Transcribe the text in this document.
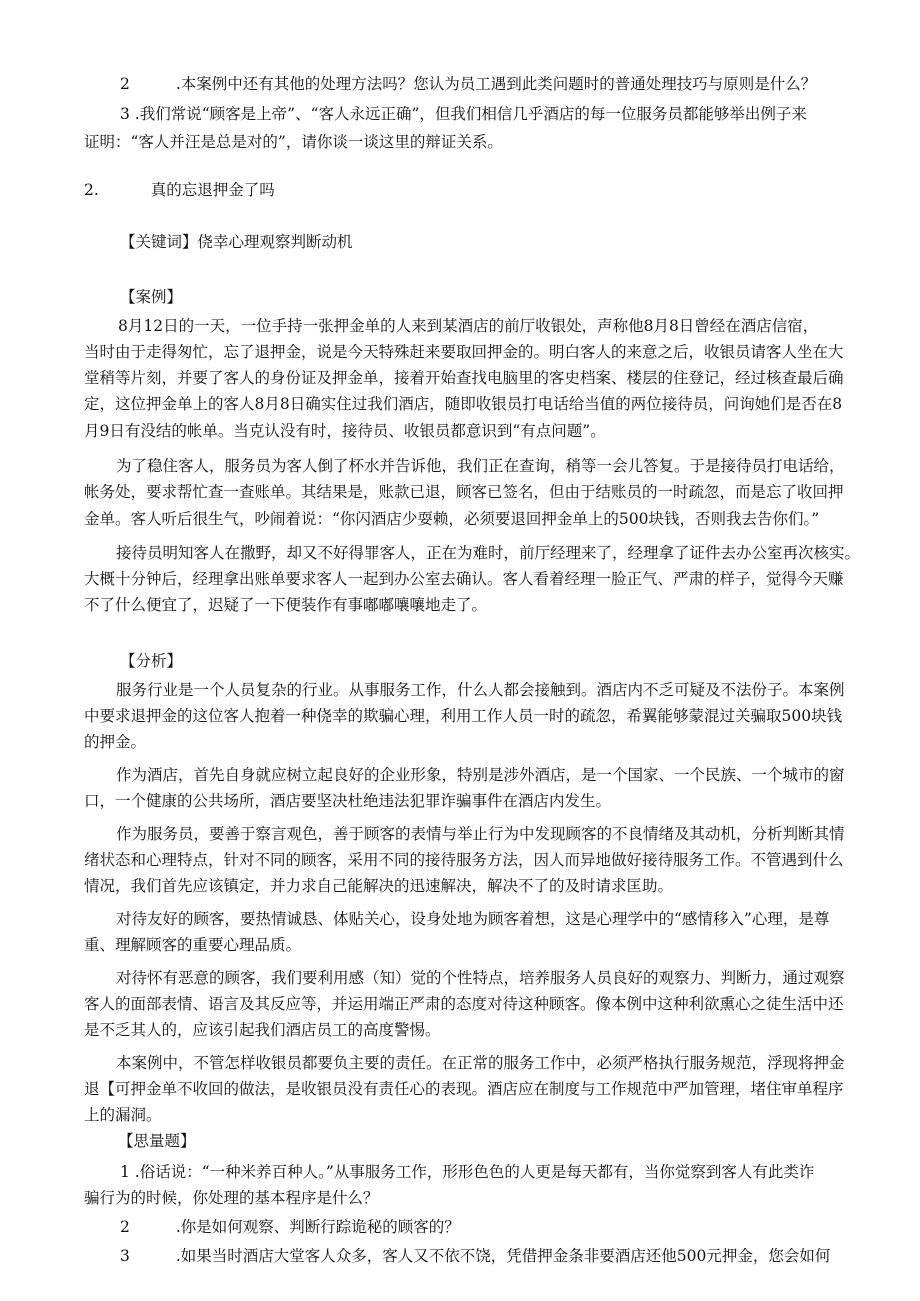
2	.本案例中还有其他的处理方法吗？您认为员工遇到此类问题时的普通处理技巧与原则是什么？
3 .我们常说“顾客是上帝”、“客人永远正确”，但我们相信几乎酒店的每一位服务员都能够举出例子来
证明：“客人并汪是总是对的”，请你谈一谈这里的辩证关系。
2.	真的忘退押金了吗
【关键词】侥幸心理观察判断动机
【案例】
8月12日的一天，一位手持一张押金单的人来到某酒店的前厅收银处，声称他8月8日曾经在酒店信宿，
当时由于走得匆忙，忘了退押金，说是今天特殊赶来要取回押金的。明白客人的来意之后，收银员请客人坐在大
堂稍等片刻，并要了客人的身份证及押金单，接着开始查找电脑里的客史档案、楼层的住登记，经过核查最后确
定，这位押金单上的客人8月8日确实住过我们酒店，随即收银员打电话给当值的两位接待员，问询她们是否在8
月9日有没结的帐单。当克认没有时，接待员、收银员都意识到“有点问题”。
为了稳住客人，服务员为客人倒了杯水并告诉他，我们正在查询，稍等一会儿答复。于是接待员打电话给，
帐务处，要求帮忙查一查账单。其结果是，账款已退，顾客已签名，但由于结账员的一时疏忽，而是忘了收回押
金单。客人听后很生气，吵闹着说：“你闪酒店少耍赖，必须要退回押金单上的500块钱，否则我去告你们。”
接待员明知客人在撒野，却又不好得罪客人，正在为难时，前厅经理来了，经理拿了证件去办公室再次核实。
大概十分钟后，经理拿出账单要求客人一起到办公室去确认。客人看着经理一脸正气、严肃的样子，觉得今天赚
不了什么便宜了，迟疑了一下便装作有事嘟嘟嚷嚷地走了。
【分析】
服务行业是一个人员复杂的行业。从事服务工作，什么人都会接触到。酒店内不乏可疑及不法份子。本案例
中要求退押金的这位客人抱着一种侥幸的欺骗心理，利用工作人员一时的疏忽，希翼能够蒙混过关骗取500块钱
的押金。
作为酒店，首先自身就应树立起良好的企业形象，特别是涉外酒店，是一个国家、一个民族、一个城市的窗
口，一个健康的公共场所，酒店要坚决杜绝违法犯罪诈骗事件在酒店内发生。
作为服务员，要善于察言观色，善于顾客的表情与举止行为中发现顾客的不良情绪及其动机，分析判断其情
绪状态和心理特点，针对不同的顾客，采用不同的接待服务方法，因人而异地做好接待服务工作。不管遇到什么
情况，我们首先应该镇定，并力求自己能解决的迅速解决，解决不了的及时请求匡助。
对待友好的顾客，要热情诚恳、体贴关心，设身处地为顾客着想，这是心理学中的“感情移入”心理，是尊
重、理解顾客的重要心理品质。
对待怀有恶意的顾客，我们要利用感（知）觉的个性特点，培养服务人员良好的观察力、判断力，通过观察
客人的面部表情、语言及其反应等，并运用端正严肃的态度对待这种顾客。像本例中这种利欲熏心之徒生活中还
是不乏其人的，应该引起我们酒店员工的高度警惕。
本案例中，不管怎样收银员都要负主要的责任。在正常的服务工作中，必须严格执行服务规范，浮现将押金
退【可押金单不收回的做法，是收银员没有责任心的表现。酒店应在制度与工作规范中严加管理，堵住审单程序
上的漏洞。
【思量题】
1 .俗话说：“一种米养百种人。”从事服务工作，形形色色的人更是每天都有，当你觉察到客人有此类诈
骗行为的时候，你处理的基本程序是什么？
2	.你是如何观察、判断行踪诡秘的顾客的？
3	.如果当时酒店大堂客人众多，客人又不依不饶，凭借押金条非要酒店还他500元押金，您会如何
